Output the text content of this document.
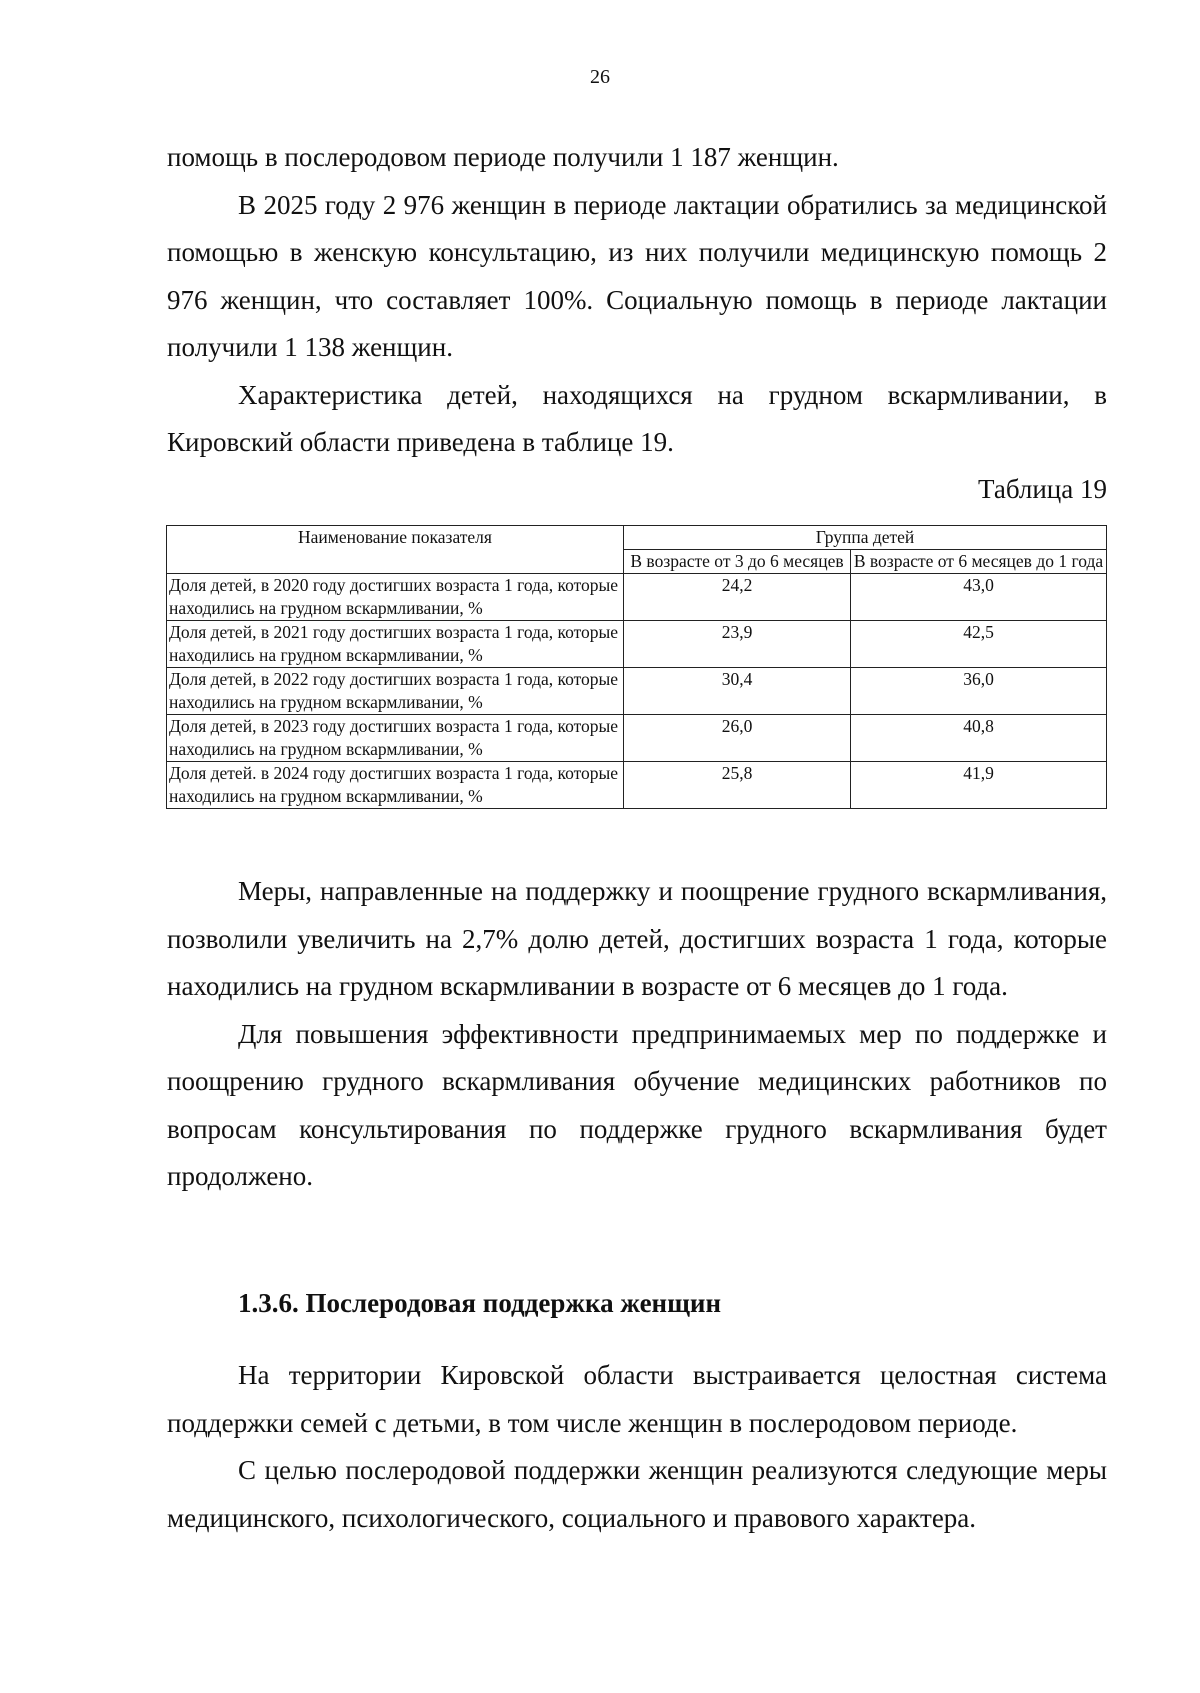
26

помощь в послеродовом периоде получили 1 187 женщин.

В 2025 году 2 976 женщин в периоде лактации обратились за медицинской помощью в женскую консультацию, из них получили медицинскую помощь 2 976 женщин, что составляет 100%. Социальную помощь в периоде лактации получили 1 138 женщин.

Характеристика детей, находящихся на грудном вскармливании, в Кировский области приведена в таблице 19.

Таблица 19
Наименование показателя	Группа детей	
	В возрасте от 3 до 6 месяцев	В возрасте от 6 месяцев до 1 года
Доля детей, в 2020 году достигших возраста 1 года, которые находились на грудном вскармливании, %	24,2	43,0
Доля детей, в 2021 году достигших возраста 1 года, которые находились на грудном вскармливании, %	23,9	42,5
Доля детей, в 2022 году достигших возраста 1 года, которые находились на грудном вскармливании, %	30,4	36,0
Доля детей, в 2023 году достигших возраста 1 года, которые находились на грудном вскармливании, %	26,0	40,8
Доля детей. в 2024 году достигших возраста 1 года, которые находились на грудном вскармливании, %	25,8	41,9

Меры, направленные на поддержку и поощрение грудного вскармливания, позволили увеличить на 2,7% долю детей, достигших возраста 1 года, которые находились на грудном вскармливании в возрасте от 6 месяцев до 1 года.

Для повышения эффективности предпринимаемых мер по поддержке и поощрению грудного вскармливания обучение медицинских работников по вопросам консультирования по поддержке грудного вскармливания будет продолжено.

1.3.6. Послеродовая поддержка женщин

На территории Кировской области выстраивается целостная система поддержки семей с детьми, в том числе женщин в послеродовом периоде.

С целью послеродовой поддержки женщин реализуются следующие меры медицинского, психологического, социального и правового характера.
